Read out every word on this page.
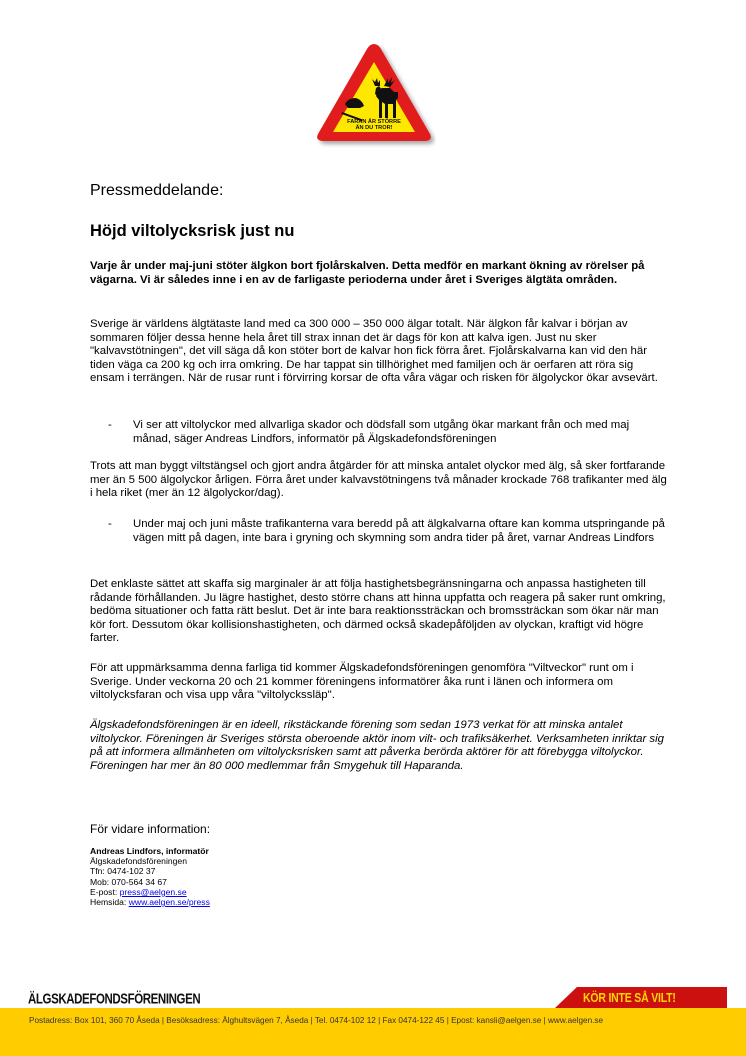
FARAN ÄR STÖRRE
ÄN DU TROR!
Pressmeddelande:
Höjd viltolycksrisk just nu
Varje år under maj-juni stöter älgkon bort fjolårskalven. Detta medför en markant ökning av rörelser på vägarna. Vi är således inne i en av de farligaste perioderna under året i Sveriges älgtäta områden.
Sverige är världens älgtätaste land med ca 300 000 – 350 000 älgar totalt. När älgkon får kalvar i början av sommaren följer dessa henne hela året till strax innan det är dags för kon att kalva igen. Just nu sker "kalvavstötningen", det vill säga då kon stöter bort de kalvar hon fick förra året. Fjolårskalvarna kan vid den här tiden väga ca 200 kg och irra omkring. De har tappat sin tillhörighet med familjen och är oerfaren att röra sig ensam i terrängen. När de rusar runt i förvirring korsar de ofta våra vägar och risken för älgolyckor ökar avsevärt.
- Vi ser att viltolyckor med allvarliga skador och dödsfall som utgång ökar markant från och med maj månad, säger Andreas Lindfors, informatör på Älgskadefondsföreningen
Trots att man byggt viltstängsel och gjort andra åtgärder för att minska antalet olyckor med älg, så sker fortfarande mer än 5 500 älgolyckor årligen. Förra året under kalvavstötningens två månader krockade 768 trafikanter med älg i hela riket (mer än 12 älgolyckor/dag).
- Under maj och juni måste trafikanterna vara beredd på att älgkalvarna oftare kan komma utspringande på vägen mitt på dagen, inte bara i gryning och skymning som andra tider på året, varnar Andreas Lindfors
Det enklaste sättet att skaffa sig marginaler är att följa hastighetsbegränsningarna och anpassa hastigheten till rådande förhållanden. Ju lägre hastighet, desto större chans att hinna uppfatta och reagera på saker runt omkring, bedöma situationer och fatta rätt beslut. Det är inte bara reaktionssträckan och bromssträckan som ökar när man kör fort. Dessutom ökar kollisionshastigheten, och därmed också skadepåföljden av olyckan, kraftigt vid högre farter.
För att uppmärksamma denna farliga tid kommer Älgskadefondsföreningen genomföra "Viltveckor" runt om i Sverige. Under veckorna 20 och 21 kommer föreningens informatörer åka runt i länen och informera om viltolycksfaran och visa upp våra "viltolyckssläp".
Älgskadefondsföreningen är en ideell, rikstäckande förening som sedan 1973 verkat för att minska antalet viltolyckor. Föreningen är Sveriges största oberoende aktör inom vilt- och trafiksäkerhet. Verksamheten inriktar sig på att informera allmänheten om viltolycksrisken samt att påverka berörda aktörer för att förebygga viltolyckor. Föreningen har mer än 80 000 medlemmar från Smygehuk till Haparanda.
För vidare information:
Andreas Lindfors, informatör
Älgskadefondsföreningen
Tfn: 0474-102 37
Mob: 070-564 34 67
E-post: press@aelgen.se
Hemsida: www.aelgen.se/press
ÄLGSKADEFONDSFÖRENINGEN	KÖR INTE SÅ VILT!
Postadress: Box 101, 360 70 Åseda | Besöksadress: Älghultsvägen 7, Åseda | Tel. 0474-102 12 | Fax 0474-122 45 | Epost: kansli@aelgen.se | www.aelgen.se
